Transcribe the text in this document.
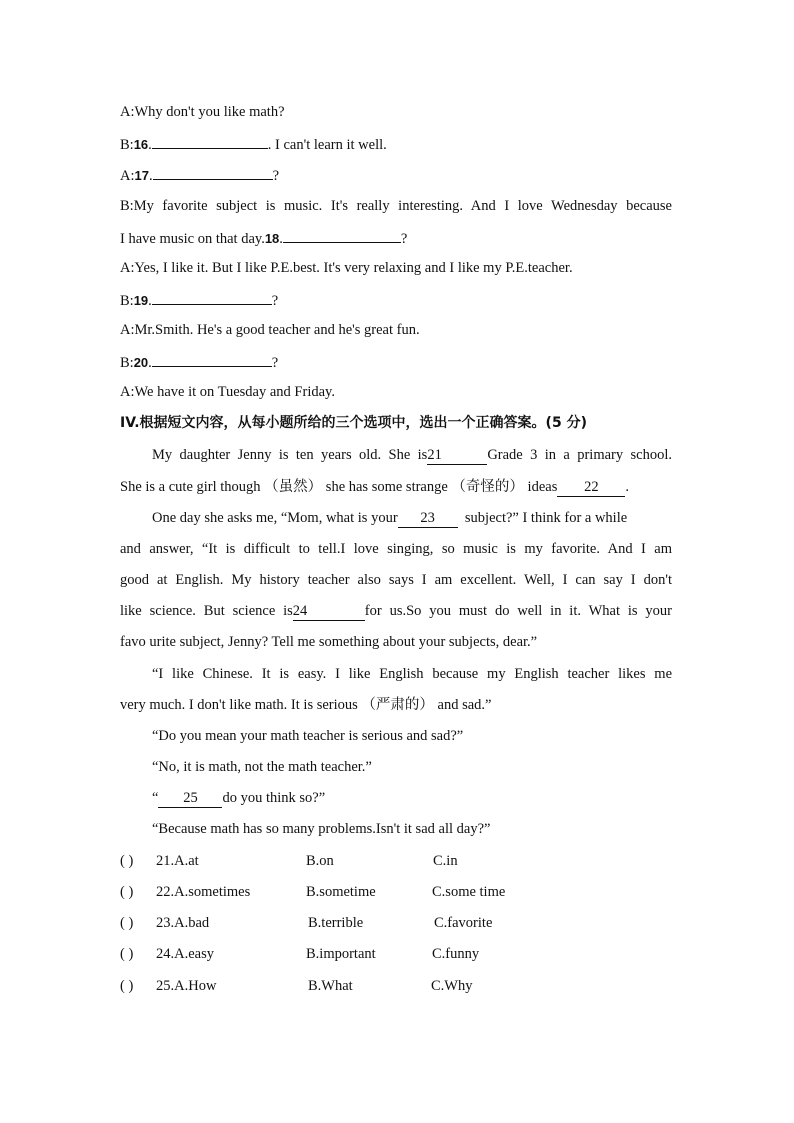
A:Why don't you like math?
B:16.	. I can't learn it well.
A:17.	?
B:My favorite subject is music. It's really interesting. And I love Wednesday because
I have music on that day.18.	?
A:Yes, I like it. But I like P.E.best. It's very relaxing and I like my P.E.teacher.
B:19.	?
A:Mr.Smith. He's a good teacher and he's great fun.
B:20.	?
A:We have it on Tuesday and Friday.
IV.根据短文内容，从每小题所给的三个选项中，选出一个正确答案。(5 分)
My daughter Jenny is ten years old. She is21	Grade 3 in a primary school.
She is a cute girl though （虽然） she has some strange （奇怪的） ideas 22 .
One day she asks me, “Mom, what is your 23 subject?” I think for a while
and answer, “It is difficult to tell.I love singing, so music is my favorite. And I am
good at English. My history teacher also says I am excellent. Well, I can say I don't
like science. But science is24	for us.So you must do well in it. What is your
favo urite subject, Jenny? Tell me something about your subjects, dear.”
“I like Chinese. It is easy. I like English because my English teacher likes me
very much. I don't like math. It is serious （严肃的） and sad.”
“Do you mean your math teacher is serious and sad?”
“No, it is math, not the math teacher.”
“ 25 do you think so?”
“Because math has so many problems.Isn't it sad all day?”
( ) 21.A.at	B.on	C.in
( ) 22.A.sometimes	B.sometime	C.some time
( ) 23.A.bad	B.terrible	C.favorite
( ) 24.A.easy	B.important	C.funny
( ) 25.A.How	B.What	C.Why
